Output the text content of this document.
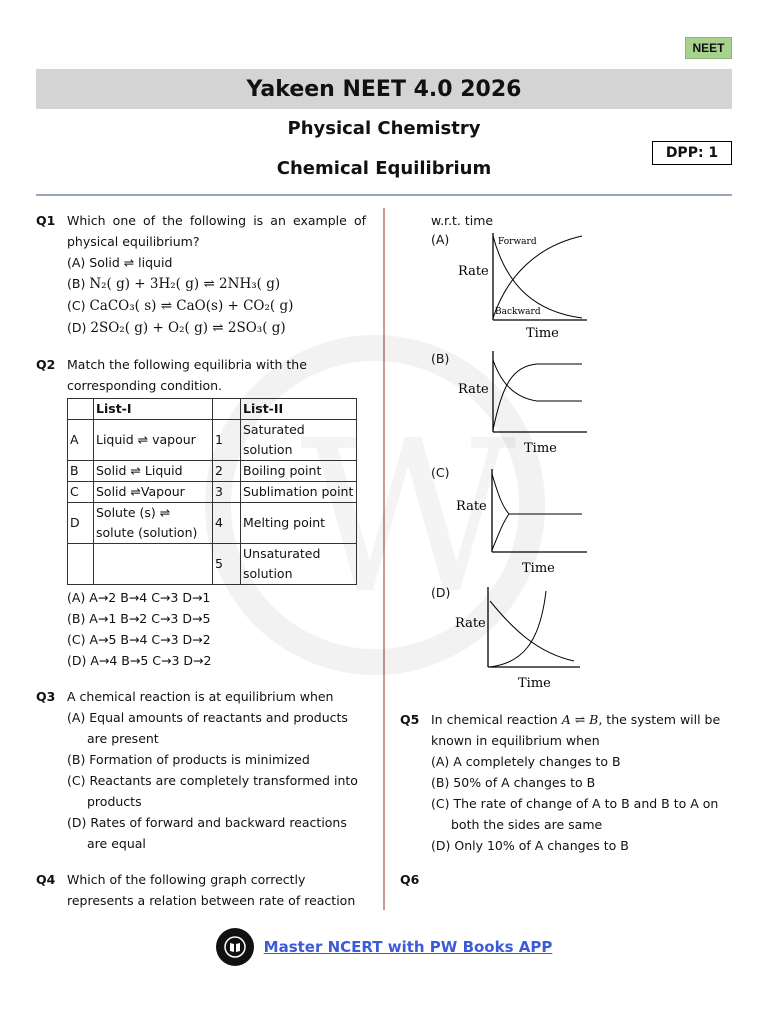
NEET
Yakeen NEET 4.0 2026
Physical Chemistry
Chemical Equilibrium
DPP: 1
Q1 Which one of the following is an example of physical equilibrium?
(A) Solid ⇌ liquid
(B) N₂( g) + 3H₂( g) ⇌ 2NH₃( g)
(C) CaCO₃( s) ⇌ CaO(s) + CO₂( g)
(D) 2SO₂( g) + O₂( g) ⇌ 2SO₃( g)
Q2 Match the following equilibria with the corresponding condition.
	List-I		List-II
A	Liquid ⇌ vapour	1	Saturated solution
B	Solid ⇌ Liquid	2	Boiling point
C	Solid ⇌Vapour	3	Sublimation point
D	Solute (s) ⇌ solute (solution)	4	Melting point
		5	Unsaturated solution
(A) A→2 B→4 C→3 D→1
(B) A→1 B→2 C→3 D→5
(C) A→5 B→4 C→3 D→2
(D) A→4 B→5 C→3 D→2
Q3 A chemical reaction is at equilibrium when
(A) Equal amounts of reactants and products are present
(B) Formation of products is minimized
(C) Reactants are completely transformed into products
(D) Rates of forward and backward reactions are equal
Q4 Which of the following graph correctly represents a relation between rate of reaction
w.r.t. time
(A)
Rate
Time
Forward
Backward
(B)
Rate
Time
(C)
Rate
Time
(D)
Rate
Time
Q5 In chemical reaction A ⇌ B, the system will be known in equilibrium when
(A) A completely changes to B
(B) 50% of A changes to B
(C) The rate of change of A to B and B to A on both the sides are same
(D) Only 10% of A changes to B
Q6
Master NCERT with PW Books APP
